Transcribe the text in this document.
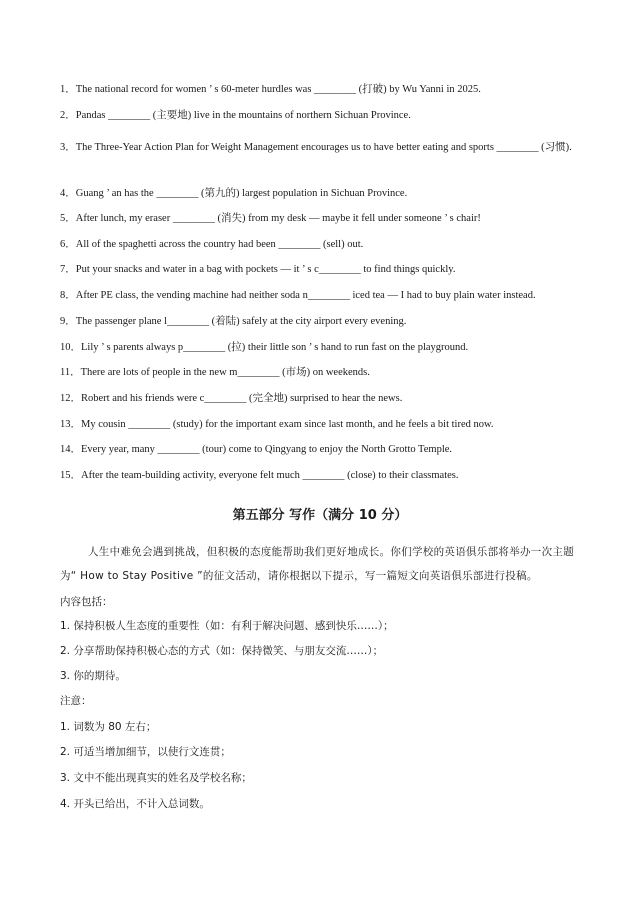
1．The national record for women ’ s 60-meter hurdles was ________ (打破) by Wu Yanni in 2025.
2．Pandas ________ (主要地) live in the mountains of northern Sichuan Province.
3．The Three-Year Action Plan for Weight Management encourages us to have better eating and sports ________ (习惯).
4．Guang ’ an has the ________ (第九的) largest population in Sichuan Province.
5．After lunch, my eraser ________ (消失) from my desk — maybe it fell under someone ’ s chair!
6．All of the spaghetti across the country had been ________ (sell) out.
7．Put your snacks and water in a bag with pockets — it ’ s c________ to find things quickly.
8．After PE class, the vending machine had neither soda n________ iced tea — I had to buy plain water instead.
9．The passenger plane l________ (着陆) safely at the city airport every evening.
10．Lily ’ s parents always p________ (拉) their little son ’ s hand to run fast on the playground.
11．There are lots of people in the new m________ (市场) on weekends.
12．Robert and his friends were c________ (完全地) surprised to hear the news.
13．My cousin ________ (study) for the important exam since last month, and he feels a bit tired now.
14．Every year, many ________ (tour) come to Qingyang to enjoy the North Grotto Temple.
15．After the team-building activity, everyone felt much ________ (close) to their classmates.
第五部分 写作（满分 10 分）
人生中难免会遇到挑战，但积极的态度能帮助我们更好地成长。你们学校的英语俱乐部将举办一次主题为“ How to Stay Positive ”的征文活动，请你根据以下提示，写一篇短文向英语俱乐部进行投稿。
内容包括：
1. 保持积极人生态度的重要性（如：有利于解决问题、感到快乐……）；
2. 分享帮助保持积极心态的方式（如：保持微笑、与朋友交流……）；
3. 你的期待。
注意：
1. 词数为 80 左右；
2. 可适当增加细节，以使行文连贯；
3. 文中不能出现真实的姓名及学校名称；
4. 开头已给出，不计入总词数。
